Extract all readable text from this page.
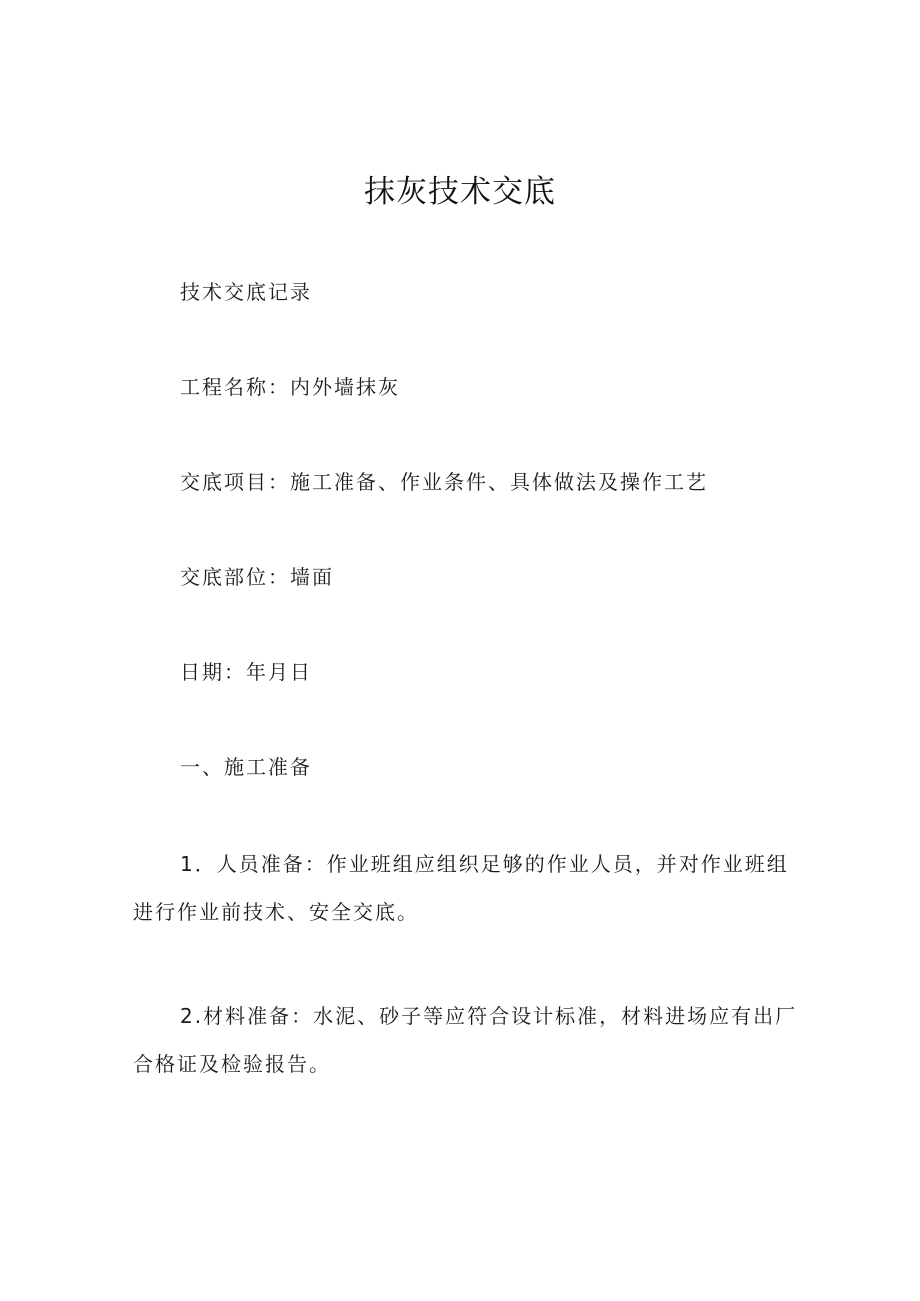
抹灰技术交底
技术交底记录
工程名称：内外墙抹灰
交底项目：施工准备、作业条件、具体做法及操作工艺
交底部位：墙面
日期：年月日
一、施工准备
1．人员准备：作业班组应组织足够的作业人员，并对作业班组
进行作业前技术、安全交底。
2.材料准备：水泥、砂子等应符合设计标准，材料进场应有出厂
合格证及检验报告。
